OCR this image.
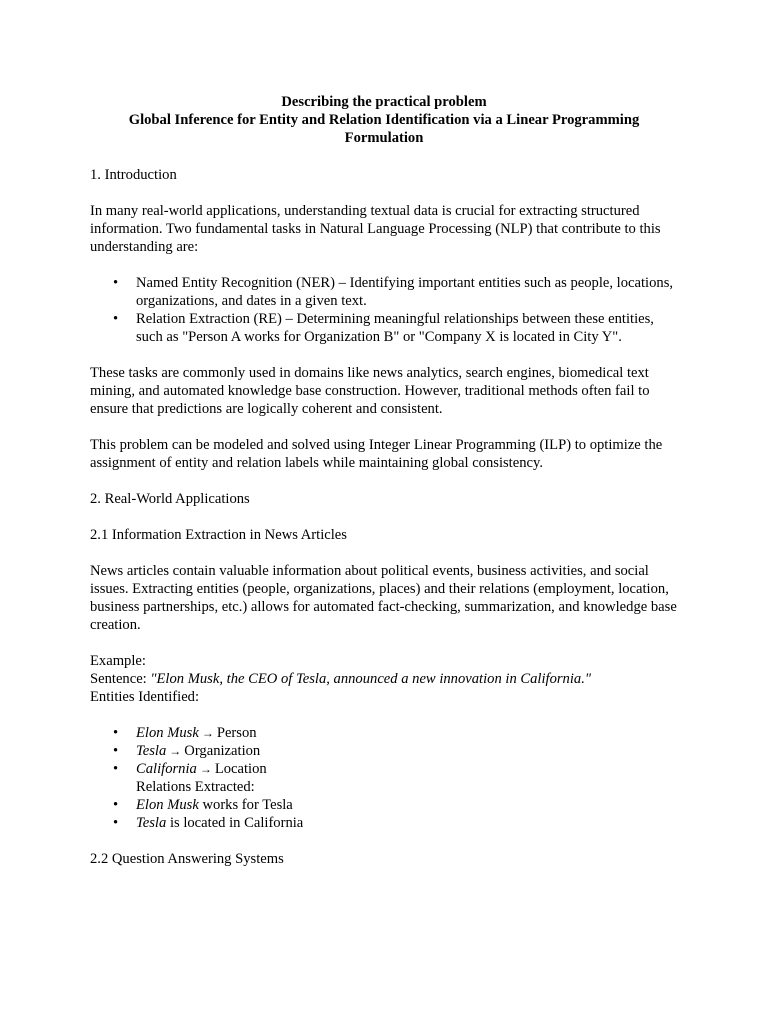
Describing the practical problem

Global Inference for Entity and Relation Identification via a Linear Programming

Formulation

1. Introduction

In many real-world applications, understanding textual data is crucial for extracting structured information. Two fundamental tasks in Natural Language Processing (NLP) that contribute to this understanding are:

• Named Entity Recognition (NER) – Identifying important entities such as people, locations, organizations, and dates in a given text.
• Relation Extraction (RE) – Determining meaningful relationships between these entities, such as "Person A works for Organization B" or "Company X is located in City Y".

These tasks are commonly used in domains like news analytics, search engines, biomedical text mining, and automated knowledge base construction. However, traditional methods often fail to ensure that predictions are logically coherent and consistent.

This problem can be modeled and solved using Integer Linear Programming (ILP) to optimize the assignment of entity and relation labels while maintaining global consistency.

2. Real-World Applications

2.1 Information Extraction in News Articles

News articles contain valuable information about political events, business activities, and social issues. Extracting entities (people, organizations, places) and their relations (employment, location, business partnerships, etc.) allows for automated fact-checking, summarization, and knowledge base creation.

Example:

Sentence: "Elon Musk, the CEO of Tesla, announced a new innovation in California."

Entities Identified:

• Elon Musk → Person
• Tesla → Organization
• California → Location
Relations Extracted:
• Elon Musk works for Tesla
• Tesla is located in California

2.2 Question Answering Systems
